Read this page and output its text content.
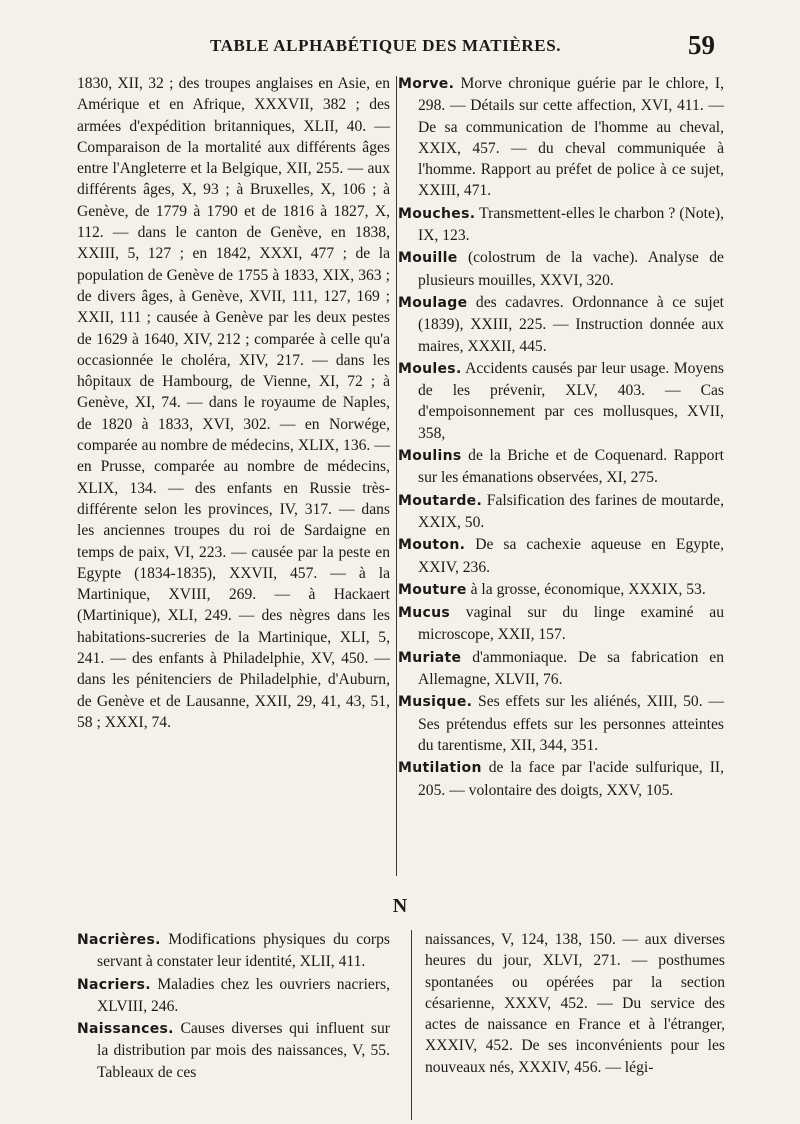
TABLE ALPHABÉTIQUE DES MATIÈRES.	59

1830, XII, 32 ; des troupes anglaises en Asie, en Amérique et en Afrique, XXXVII, 382 ; des armées d'expédition britanniques, XLII, 40. — Comparaison de la mortalité aux différents âges entre l'Angleterre et la Belgique, XII, 255. — aux différents âges, X, 93 ; à Bruxelles, X, 106 ; à Genève, de 1779 à 1790 et de 1816 à 1827, X, 112. — dans le canton de Genève, en 1838, XXIII, 5, 127 ; en 1842, XXXI, 477 ; de la population de Genève de 1755 à 1833, XIX, 363 ; de divers âges, à Genève, XVII, 111, 127, 169 ; XXII, 111 ; causée à Genève par les deux pestes de 1629 à 1640, XIV, 212 ; comparée à celle qu'a occasionnée le choléra, XIV, 217. — dans les hôpitaux de Hambourg, de Vienne, XI, 72 ; à Genève, XI, 74. — dans le royaume de Naples, de 1820 à 1833, XVI, 302. — en Norwége, comparée au nombre de médecins, XLIX, 136. — en Prusse, comparée au nombre de médecins, XLIX, 134. — des enfants en Russie très-différente selon les provinces, IV, 317. — dans les anciennes troupes du roi de Sardaigne en temps de paix, VI, 223. — causée par la peste en Egypte (1834-1835), XXVII, 457. — à la Martinique, XVIII, 269. — à Hackaert (Martinique), XLI, 249. — des nègres dans les habitations-sucreries de la Martinique, XLI, 5, 241. — des enfants à Philadelphie, XV, 450. — dans les pénitenciers de Philadelphie, d'Auburn, de Genève et de Lausanne, XXII, 29, 41, 43, 51, 58 ; XXXI, 74.

Morve. Morve chronique guérie par le chlore, I, 298. — Détails sur cette affection, XVI, 411. — De sa communication de l'homme au cheval, XXIX, 457. — du cheval communiquée à l'homme. Rapport au préfet de police à ce sujet, XXIII, 471.

Mouches. Transmettent-elles le charbon ? (Note), IX, 123.

Mouille (colostrum de la vache). Analyse de plusieurs mouilles, XXVI, 320.

Moulage des cadavres. Ordonnance à ce sujet (1839), XXIII, 225. — Instruction donnée aux maires, XXXII, 445.

Moules. Accidents causés par leur usage. Moyens de les prévenir, XLV, 403. — Cas d'empoisonnement par ces mollusques, XVII, 358,

Moulins de la Briche et de Coquenard. Rapport sur les émanations observées, XI, 275.

Moutarde. Falsification des farines de moutarde, XXIX, 50.

Mouton. De sa cachexie aqueuse en Egypte, XXIV, 236.

Mouture à la grosse, économique, XXXIX, 53.

Mucus vaginal sur du linge examiné au microscope, XXII, 157.

Muriate d'ammoniaque. De sa fabrication en Allemagne, XLVII, 76.

Musique. Ses effets sur les aliénés, XIII, 50. — Ses prétendus effets sur les personnes atteintes du tarentisme, XII, 344, 351.

Mutilation de la face par l'acide sulfurique, II, 205. — volontaire des doigts, XXV, 105.

N

Nacrières. Modifications physiques du corps servant à constater leur identité, XLII, 411.

Nacriers. Maladies chez les ouvriers nacriers, XLVIII, 246.

Naissances. Causes diverses qui influent sur la distribution par mois des naissances, V, 55. Tableaux de ces

naissances, V, 124, 138, 150. — aux diverses heures du jour, XLVI, 271. — posthumes spontanées ou opérées par la section césarienne, XXXV, 452. — Du service des actes de naissance en France et à l'étranger, XXXIV, 452. De ses inconvénients pour les nouveaux nés, XXXIV, 456. — légi-
